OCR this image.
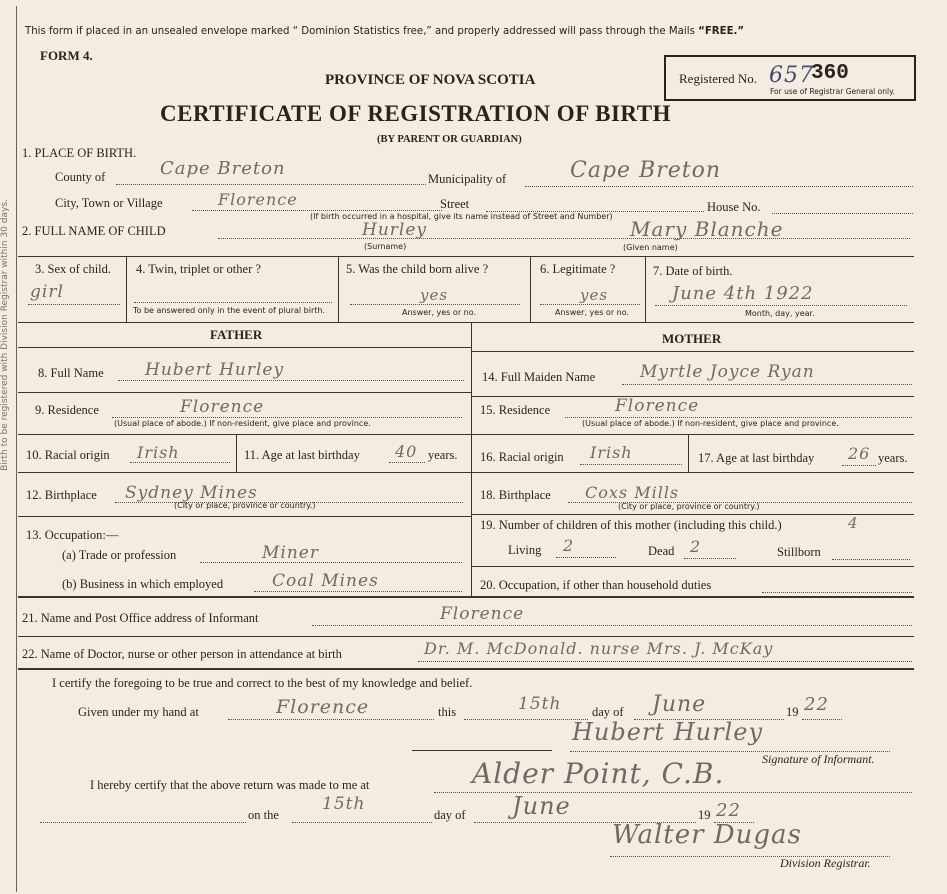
Birth to be registered with Division Registrar within 30 days.
This form if placed in an unsealed envelope marked “ Dominion Statistics free,” and properly addressed will pass through the Mails “FREE.”
FORM 4.
PROVINCE OF NOVA SCOTIA
CERTIFICATE OF REGISTRATION OF BIRTH
(BY PARENT OR GUARDIAN)
Registered No. 657
360
For use of Registrar General only.
1. PLACE OF BIRTH.
County of	Cape Breton	Municipality of	Cape Breton
City, Town or Village	Florence	Street	House No.
(If birth occurred in a hospital, give its name instead of Street and Number)
2. FULL NAME OF CHILD	Hurley	Mary Blanche
(Surname)	(Given name)
3. Sex of child.
girl
4. Twin, triplet or other ?
To be answered only in the event of plural birth.
5. Was the child born alive ?
yes
Answer, yes or no.
6. Legitimate ?
yes
Answer, yes or no.
7. Date of birth.
June 4th 1922
Month, day, year.
FATHER	MOTHER
8. Full Name Hubert Hurley
9. Residence	Florence
(Usual place of abode.) If non-resident, give place and province.
10. Racial origin Irish	11. Age at last birthday 40 years.
12. Birthplace Sydney Mines
(City or place, province or country.)
13. Occupation:—
(a) Trade or profession	Miner
(b) Business in which employed	Coal Mines
14. Full Maiden Name	Myrtle Joyce Ryan
15. Residence	Florence
(Usual place of abode.) If non-resident, give place and province.
16. Racial origin Irish	17. Age at last birthday 26 years.
18. Birthplace Coxs Mills
(City or place, province or country.)
19. Number of children of this mother (including this child.)	4
Living 2	Dead 2	Stillborn
20. Occupation, if other than household duties
21. Name and Post Office address of Informant	Florence
22. Name of Doctor, nurse or other person in attendance at birth	Dr. M. McDonald. nurse Mrs. J. McKay
I certify the foregoing to be true and correct to the best of my knowledge and belief.
Given under my hand at	Florence	this	15th day of June	19 22
Hubert Hurley
Signature of Informant.
I hereby certify that the above return was made to me at	Alder Point, C.B.
on the
15th
day of June	19 22
Walter Dugas
Division Registrar.
